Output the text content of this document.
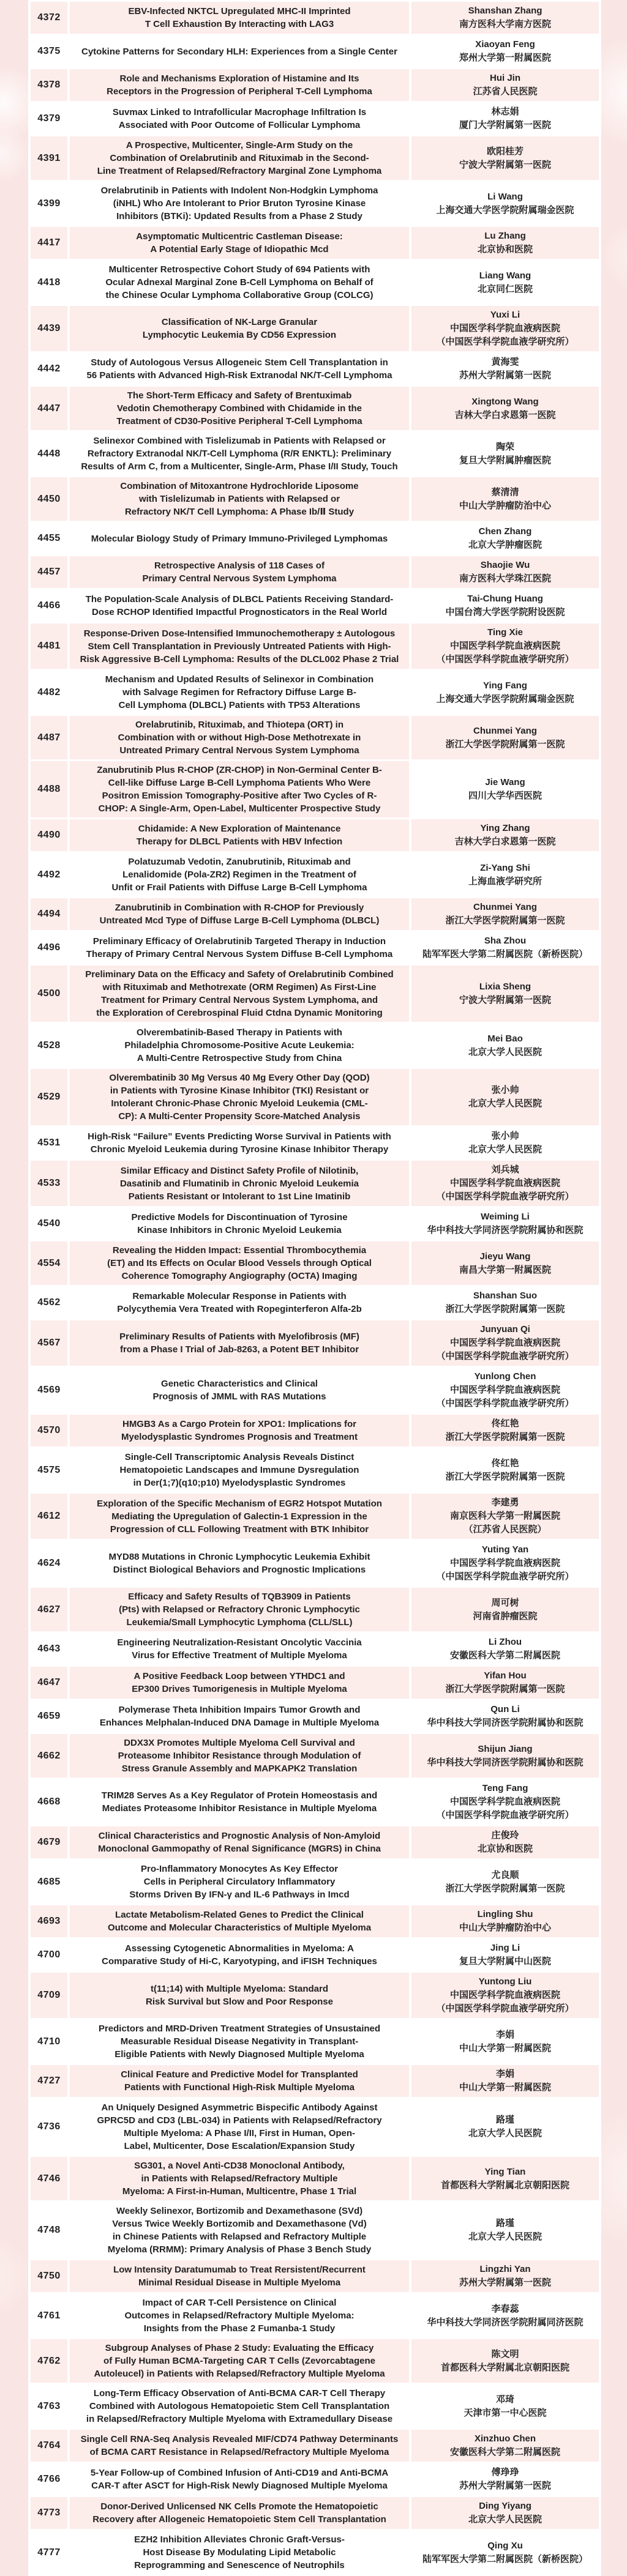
4372
EBV-Infected NKTCL Upregulated MHC-II Imprinted T Cell Exhaustion By Interacting with LAG3
Shanshan Zhang
南方医科大学南方医院
4375	Cytokine Patterns for Secondary HLH: Experiences from a Single Center
Xiaoyan Feng
郑州大学第一附属医院
4378
Role and Mechanisms Exploration of Histamine and Its Receptors in the Progression of Peripheral T-Cell Lymphoma
Hui Jin
江苏省人民医院
4379
Suvmax Linked to Intrafollicular Macrophage Infiltration Is Associated with Poor Outcome of Follicular Lymphoma
林志娟
厦门大学附属第一医院
4391
A Prospective, Multicenter, Single-Arm Study on the Combination of Orelabrutinib and Rituximab in the Second-Line Treatment of Relapsed/Refractory Marginal Zone Lymphoma
欧阳桂芳
宁波大学附属第一医院
4399
Orelabrutinib in Patients with Indolent Non-Hodgkin Lymphoma (iNHL) Who Are Intolerant to Prior Bruton Tyrosine Kinase Inhibitors (BTKi): Updated Results from a Phase 2 Study
Li Wang
上海交通大学医学院附属瑞金医院
4417
Asymptomatic Multicentric Castleman Disease: A Potential Early Stage of Idiopathic Mcd
Lu Zhang
北京协和医院
4418
Multicenter Retrospective Cohort Study of 694 Patients with Ocular Adnexal Marginal Zone B-Cell Lymphoma on Behalf of the Chinese Ocular Lymphoma Collaborative Group (COLCG)
Liang Wang
北京同仁医院
4439
Classification of NK-Large Granular Lymphocytic Leukemia By CD56 Expression
Yuxi Li
中国医学科学院血液病医院
（中国医学科学院血液学研究所）
4442
Study of Autologous Versus Allogeneic Stem Cell Transplantation in 56 Patients with Advanced High-Risk Extranodal NK/T-Cell Lymphoma
黄海雯
苏州大学附属第一医院
4447
The Short-Term Efficacy and Safety of Brentuximab Vedotin Chemotherapy Combined with Chidamide in the Treatment of CD30-Positive Peripheral T-Cell Lymphoma
Xingtong Wang
吉林大学白求恩第一医院
4448
Selinexor Combined with Tislelizumab in Patients with Relapsed or Refractory Extranodal NK/T-Cell Lymphoma (R/R ENKTL): Preliminary Results of Arm C, from a Multicenter, Single-Arm, Phase I/II Study, Touch
陶荣
复旦大学附属肿瘤医院
4450
Combination of Mitoxantrone Hydrochloride Liposome with Tislelizumab in Patients with Relapsed or Refractory NK/T Cell Lymphoma: A Phase Ib/Ⅱ Study
蔡清清
中山大学肿瘤防治中心
4455	Molecular Biology Study of Primary Immuno-Privileged Lymphomas
Chen Zhang
北京大学肿瘤医院
4457
Retrospective Analysis of 118 Cases of Primary Central Nervous System Lymphoma
Shaojie Wu
南方医科大学珠江医院
4466
The Population-Scale Analysis of DLBCL Patients Receiving Standard-Dose RCHOP Identified Impactful Prognosticators in the Real World
Tai-Chung Huang
中国台湾大学医学院附设医院
4481
Response-Driven Dose-Intensified Immunochemotherapy ± Autologous Stem Cell Transplantation in Previously Untreated Patients with High-Risk Aggressive B-Cell Lymphoma: Results of the DLCL002 Phase 2 Trial
Ting Xie
中国医学科学院血液病医院
（中国医学科学院血液学研究所）
4482
Mechanism and Updated Results of Selinexor in Combination with Salvage Regimen for Refractory Diffuse Large B-Cell Lymphoma (DLBCL) Patients with TP53 Alterations
Ying Fang
上海交通大学医学院附属瑞金医院
4487
Orelabrutinib, Rituximab, and Thiotepa (ORT) in Combination with or without High-Dose Methotrexate in Untreated Primary Central Nervous System Lymphoma
Chunmei Yang
浙江大学医学院附属第一医院
4488
Zanubrutinib Plus R-CHOP (ZR-CHOP) in Non-Germinal Center B-Cell-like Diffuse Large B-Cell Lymphoma Patients Who Were Positron Emission Tomography-Positive after Two Cycles of R-CHOP: A Single-Arm, Open-Label, Multicenter Prospective Study
Jie Wang
四川大学华西医院
4490
Chidamide: A New Exploration of Maintenance Therapy for DLBCL Patients with HBV Infection
Ying Zhang
吉林大学白求恩第一医院
4492
Polatuzumab Vedotin, Zanubrutinib, Rituximab and Lenalidomide (Pola-ZR2) Regimen in the Treatment of Unfit or Frail Patients with Diffuse Large B-Cell Lymphoma
Zi-Yang Shi
上海血液学研究所
4494
Zanubrutinib in Combination with R-CHOP for Previously Untreated Mcd Type of Diffuse Large B-Cell Lymphoma (DLBCL)
Chunmei Yang
浙江大学医学院附属第一医院
4496
Preliminary Efficacy of Orelabrutinib Targeted Therapy in Induction Therapy of Primary Central Nervous System Diffuse B-Cell Lymphoma
Sha Zhou
陆军军医大学第二附属医院（新桥医院）
4500
Preliminary Data on the Efficacy and Safety of Orelabrutinib Combined with Rituximab and Methotrexate (ORM Regimen) As First-Line Treatment for Primary Central Nervous System Lymphoma, and the Exploration of Cerebrospinal Fluid Ctdna Dynamic Monitoring
Lixia Sheng
宁波大学附属第一医院
4528
Olverembatinib-Based Therapy in Patients with Philadelphia Chromosome-Positive Acute Leukemia: A Multi-Centre Retrospective Study from China
Mei Bao
北京大学人民医院
4529
Olverembatinib 30 Mg Versus 40 Mg Every Other Day (QOD) in Patients with Tyrosine Kinase Inhibitor (TKI) Resistant or Intolerant Chronic-Phase Chronic Myeloid Leukemia (CML-CP): A Multi-Center Propensity Score-Matched Analysis
张小帅
北京大学人民医院
4531
High-Risk “Failure” Events Predicting Worse Survival in Patients with Chronic Myeloid Leukemia during Tyrosine Kinase Inhibitor Therapy
张小帅
北京大学人民医院
4533
Similar Efficacy and Distinct Safety Profile of Nilotinib, Dasatinib and Flumatinib in Chronic Myeloid Leukemia Patients Resistant or Intolerant to 1st Line Imatinib
刘兵城
中国医学科学院血液病医院
（中国医学科学院血液学研究所）
4540
Predictive Models for Discontinuation of Tyrosine Kinase Inhibitors in Chronic Myeloid Leukemia
Weiming Li
华中科技大学同济医学院附属协和医院
4554
Revealing the Hidden Impact: Essential Thrombocythemia (ET) and Its Effects on Ocular Blood Vessels through Optical Coherence Tomography Angiography (OCTA) Imaging
Jieyu Wang
南昌大学第一附属医院
4562
Remarkable Molecular Response in Patients with Polycythemia Vera Treated with Ropeginterferon Alfa-2b
Shanshan Suo
浙江大学医学院附属第一医院
4567
Preliminary Results of Patients with Myelofibrosis (MF) from a Phase I Trial of Jab-8263, a Potent BET Inhibitor
Junyuan Qi
中国医学科学院血液病医院
（中国医学科学院血液学研究所）
4569
Genetic Characteristics and Clinical Prognosis of JMML with RAS Mutations
Yunlong Chen
中国医学科学院血液病医院
（中国医学科学院血液学研究所）
4570
HMGB3 As a Cargo Protein for XPO1: Implications for Myelodysplastic Syndromes Prognosis and Treatment
佟红艳
浙江大学医学院附属第一医院
4575
Single-Cell Transcriptomic Analysis Reveals Distinct Hematopoietic Landscapes and Immune Dysregulation in Der(1;7)(q10;p10) Myelodysplastic Syndromes
佟红艳
浙江大学医学院附属第一医院
4612
Exploration of the Specific Mechanism of EGR2 Hotspot Mutation Mediating the Upregulation of Galectin-1 Expression in the Progression of CLL Following Treatment with BTK Inhibitor
李建勇
南京医科大学第一附属医院
（江苏省人民医院）
4624
MYD88 Mutations in Chronic Lymphocytic Leukemia Exhibit Distinct Biological Behaviors and Prognostic Implications
Yuting Yan
中国医学科学院血液病医院
（中国医学科学院血液学研究所）
4627
Efficacy and Safety Results of TQB3909 in Patients (Pts) with Relapsed or Refractory Chronic Lymphocytic Leukemia/Small Lymphocytic Lymphoma (CLL/SLL)
周可树
河南省肿瘤医院
4643
Engineering Neutralization-Resistant Oncolytic Vaccinia Virus for Effective Treatment of Multiple Myeloma
Li Zhou
安徽医科大学第二附属医院
4647
A Positive Feedback Loop between YTHDC1 and EP300 Drives Tumorigenesis in Multiple Myeloma
Yifan Hou
浙江大学医学院附属第一医院
4659
Polymerase Theta Inhibition Impairs Tumor Growth and Enhances Melphalan-Induced DNA Damage in Multiple Myeloma
Qun Li
华中科技大学同济医学院附属协和医院
4662
DDX3X Promotes Multiple Myeloma Cell Survival and Proteasome Inhibitor Resistance through Modulation of Stress Granule Assembly and MAPKAPK2 Translation
Shijun Jiang
华中科技大学同济医学院附属协和医院
4668
TRIM28 Serves As a Key Regulator of Protein Homeostasis and Mediates Proteasome Inhibitor Resistance in Multiple Myeloma
Teng Fang
中国医学科学院血液病医院
（中国医学科学院血液学研究所）
4679
Clinical Characteristics and Prognostic Analysis of Non-Amyloid Monoclonal Gammopathy of Renal Significance (MGRS) in China
庄俊玲
北京协和医院
4685
Pro-Inflammatory Monocytes As Key Effector Cells in Peripheral Circulatory Inflammatory Storms Driven By IFN-γ and IL-6 Pathways in Imcd
尤良顺
浙江大学医学院附属第一医院
4693
Lactate Metabolism-Related Genes to Predict the Clinical Outcome and Molecular Characteristics of Multiple Myeloma
Lingling Shu
中山大学肿瘤防治中心
4700
Assessing Cytogenetic Abnormalities in Myeloma: A Comparative Study of Hi-C, Karyotyping, and iFISH Techniques
Jing Li
复旦大学附属中山医院
4709
t(11;14) with Multiple Myeloma: Standard Risk Survival but Slow and Poor Response
Yuntong Liu
中国医学科学院血液病医院
（中国医学科学院血液学研究所）
4710
Predictors and MRD-Driven Treatment Strategies of Unsustained Measurable Residual Disease Negativity in Transplant-Eligible Patients with Newly Diagnosed Multiple Myeloma
李娟
中山大学第一附属医院
4727
Clinical Feature and Predictive Model for Transplanted Patients with Functional High-Risk Multiple Myeloma
李娟
中山大学第一附属医院
4736
An Uniquely Designed Asymmetric Bispecific Antibody Against GPRC5D and CD3 (LBL-034) in Patients with Relapsed/Refractory Multiple Myeloma: A Phase I/II, First in Human, Open-Label, Multicenter, Dose Escalation/Expansion Study
路瑾
北京大学人民医院
4746
SG301, a Novel Anti-CD38 Monoclonal Antibody, in Patients with Relapsed/Refractory Multiple Myeloma: A First-in-Human, Multicentre, Phase 1 Trial
Ying Tian
首都医科大学附属北京朝阳医院
4748
Weekly Selinexor, Bortizomib and Dexamethasone (SVd) Versus Twice Weekly Bortizomib and Dexamethasone (Vd) in Chinese Patients with Relapsed and Refractory Multiple Myeloma (RRMM): Primary Analysis of Phase 3 Bench Study
路瑾
北京大学人民医院
4750
Low Intensity Daratumumab to Treat Rersistent/Recurrent Minimal Residual Disease in Multiple Myeloma
Lingzhi Yan
苏州大学附属第一医院
4761
Impact of CAR T-Cell Persistence on Clinical Outcomes in Relapsed/Refractory Multiple Myeloma: Insights from the Phase 2 Fumanba-1 Study
李春蕊
华中科技大学同济医学院附属同济医院
4762
Subgroup Analyses of Phase 2 Study: Evaluating the Efficacy of Fully Human BCMA-Targeting CAR T Cells (Zevorcabtagene Autoleucel) in Patients with Relapsed/Refractory Multiple Myeloma
陈文明
首都医科大学附属北京朝阳医院
4763
Long-Term Efficacy Observation of Anti-BCMA CAR-T Cell Therapy Combined with Autologous Hematopoietic Stem Cell Transplantation in Relapsed/Refractory Multiple Myeloma with Extramedullary Disease
邓琦
天津市第一中心医院
4764
Single Cell RNA-Seq Analysis Revealed MIF/CD74 Pathway Determinants of BCMA CART Resistance in Relapsed/Refractory Multiple Myeloma
Xinzhuo Chen
安徽医科大学第二附属医院
4766
5-Year Follow-up of Combined Infusion of Anti-CD19 and Anti-BCMA CAR-T after ASCT for High-Risk Newly Diagnosed Multiple Myeloma
傅琤琤
苏州大学附属第一医院
4773
Donor-Derived Unlicensed NK Cells Promote the Hematopoietic Recovery after Allogeneic Hematopoietic Stem Cell Transplantation
Ding Yiyang
北京大学人民医院
4777
EZH2 Inhibition Alleviates Chronic Graft-Versus-Host Disease By Modulating Lipid Metabolic Reprogramming and Senescence of Neutrophils
Qing Xu
陆军军医大学第二附属医院（新桥医院）
